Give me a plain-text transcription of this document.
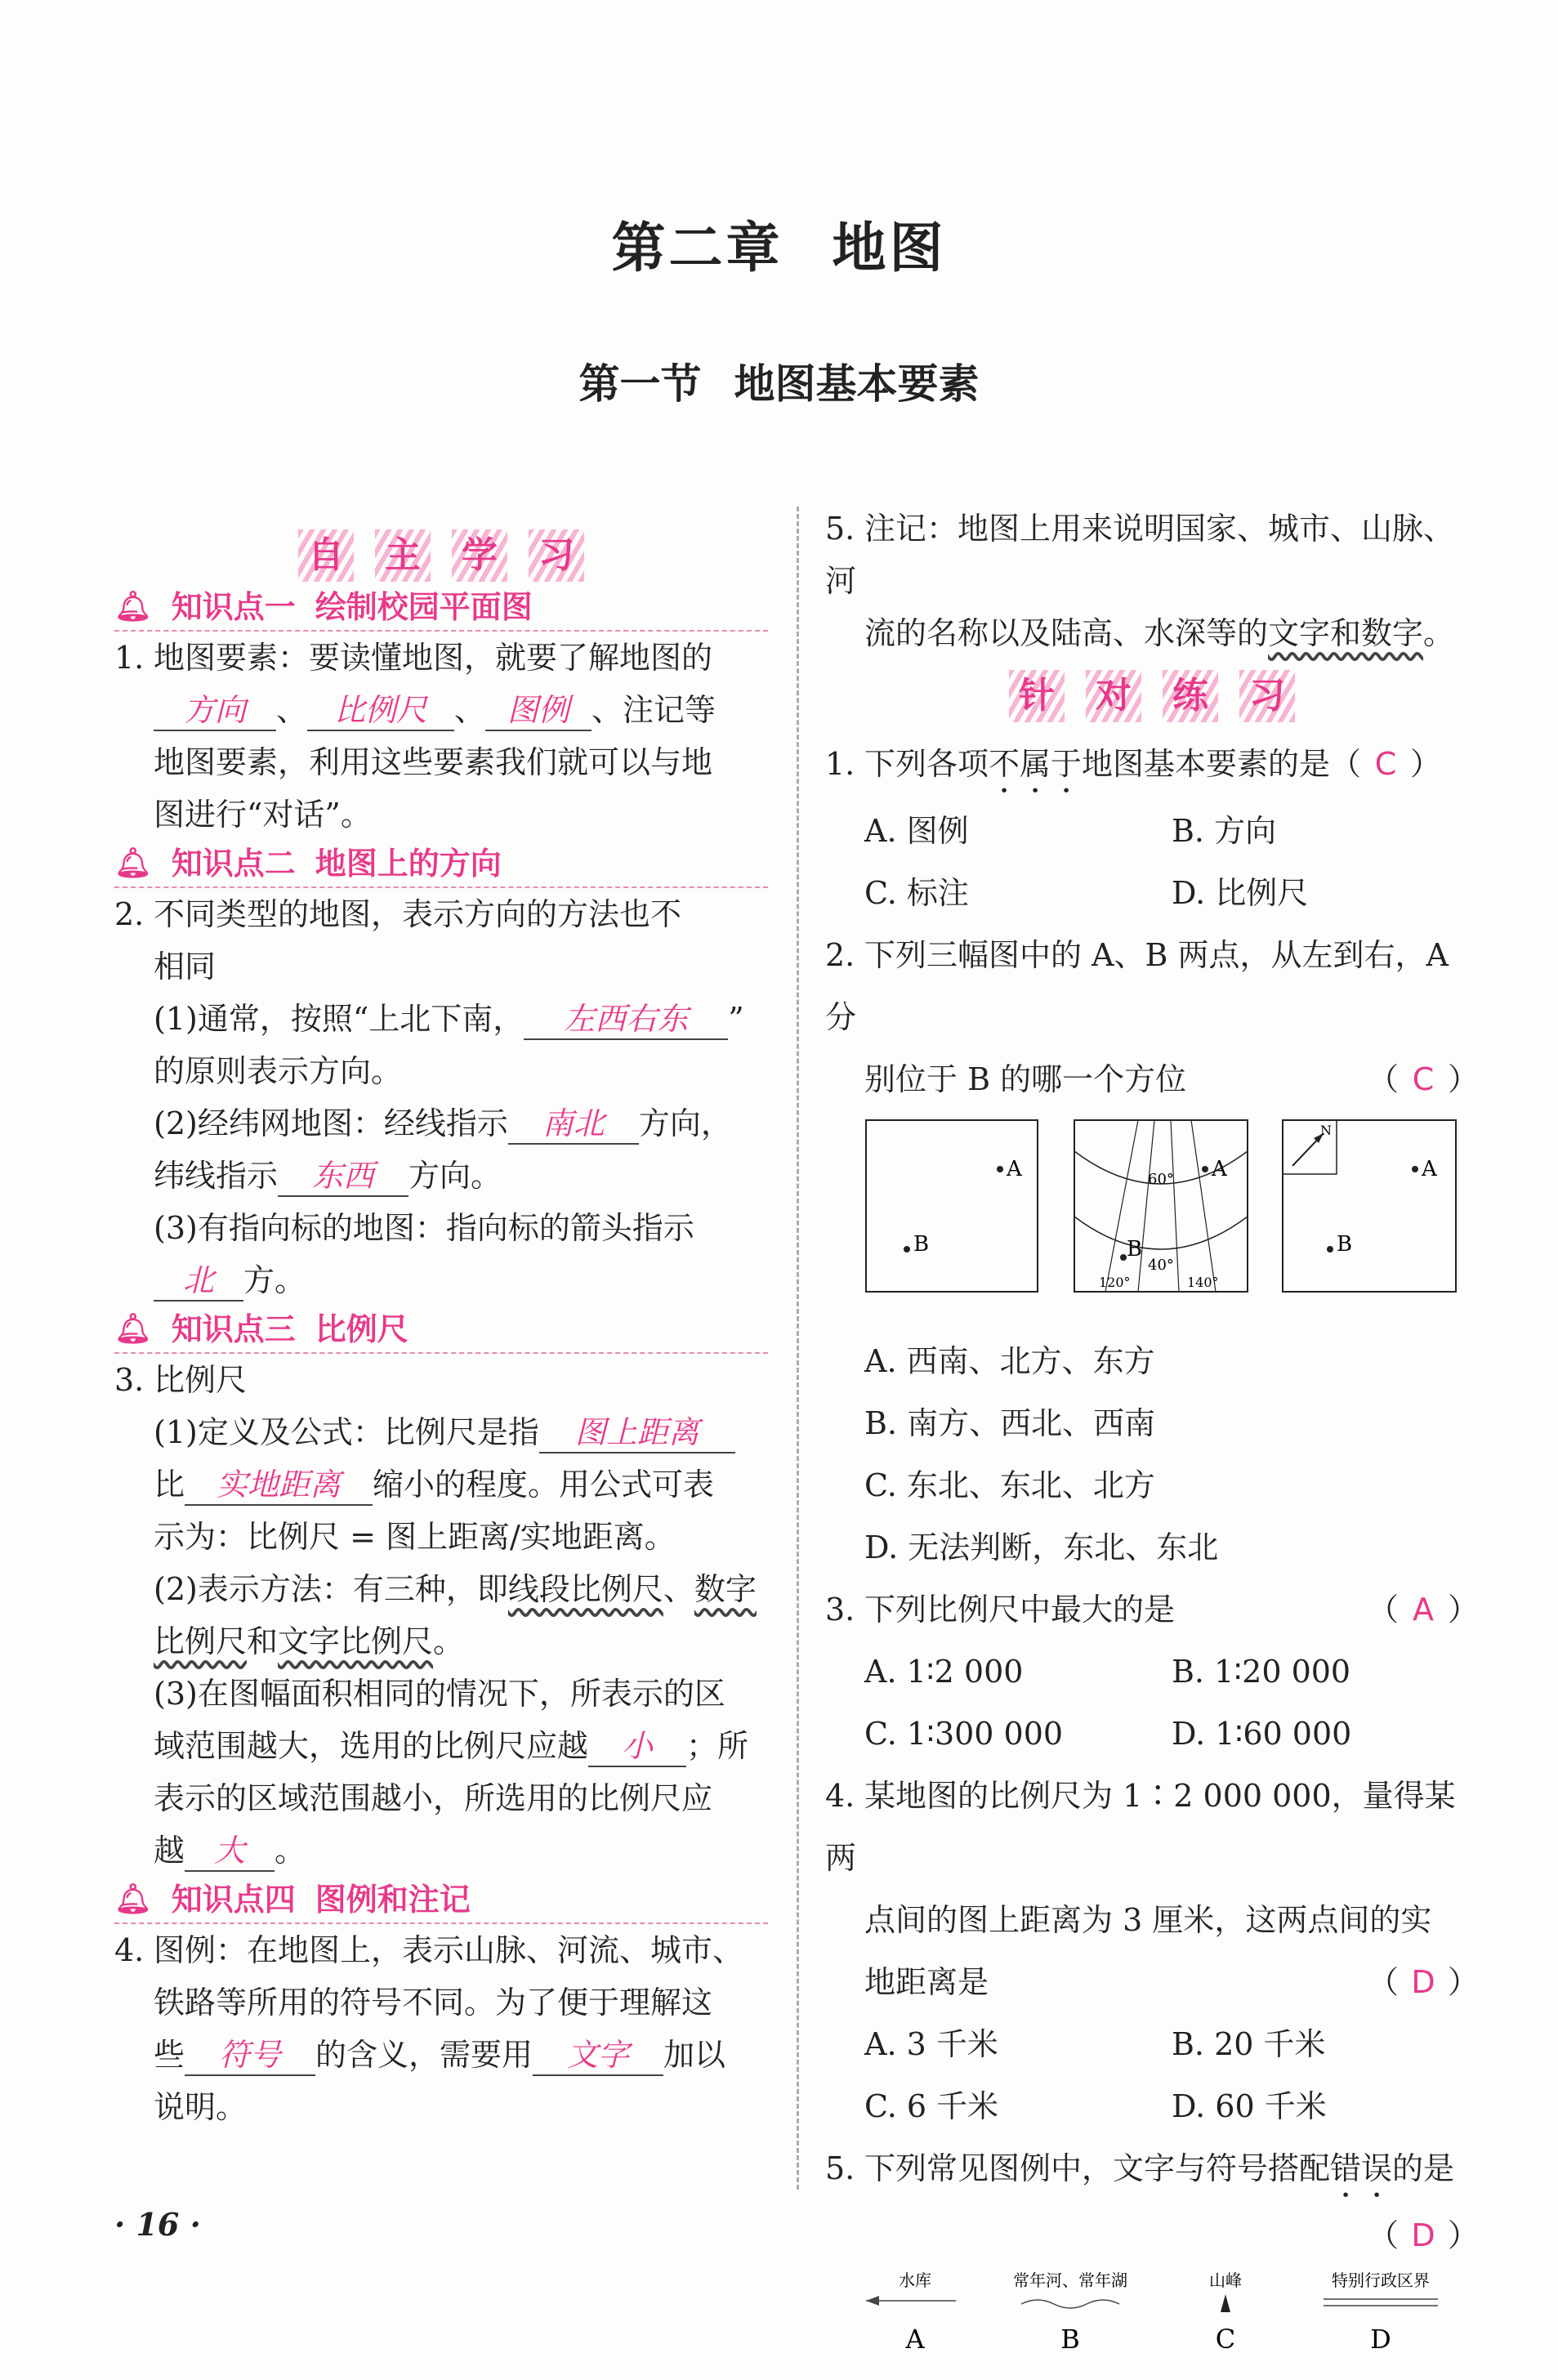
第二章 地图
第一节 地图基本要素
自 主 学 习
🔔︎ 知识点一 绘制校园平面图

1. 地图要素：要读懂地图，就要了解地图的

方向 、 比例尺 、 图例 、注记等

地图要素，利用这些要素我们就可以与地

图进行“对话”。

🔔︎ 知识点二 地图上的方向

2. 不同类型的地图，表示方向的方法也不

相同

(1)通常，按照“上北下南， 左西右东 ”

的原则表示方向。

(2)经纬网地图：经线指示 南北 方向，

纬线指示 东西 方向。

(3)有指向标的地图：指向标的箭头指示

北 方。

🔔︎ 知识点三 比例尺

3. 比例尺

(1)定义及公式：比例尺是指 图上距离

比 实地距离 缩小的程度。用公式可表

示为：比例尺 = 图上距离/实地距离。

(2)表示方法：有三种，即线段比例尺、数字

比例尺和文字比例尺。

(3)在图幅面积相同的情况下，所表示的区

域范围越大，选用的比例尺应越 小 ；所

表示的区域范围越小，所选用的比例尺应

越 大 。

🔔︎ 知识点四 图例和注记

4. 图例：在地图上，表示山脉、河流、城市、

铁路等所用的符号不同。为了便于理解这

些 符号 的含义，需要用 文字 加以

说明。

5. 注记：地图上用来说明国家、城市、山脉、河

流的名称以及陆高、水深等的文字和数字。

针 对 练 习

1. 下列各项不属于地图基本要素的是（ C ）

A. 图例	B. 方向
C. 标注	D. 比例尺

2. 下列三幅图中的 A、B 两点，从左到右，A 分

别位于 B 的哪一个方位	（ C ）

A
B
A
60°
B
40°
120°	140°
N
A
B

A. 西南、北方、东方

B. 南方、西北、西南

C. 东北、东北、北方

D. 无法判断，东北、东北

3. 下列比例尺中最大的是	（ A ）

A. 1∶2 000	B. 1∶20 000
C. 1∶300 000	D. 1∶60 000

4. 某地图的比例尺为 1∶2 000 000，量得某两

点间的图上距离为 3 厘米，这两点间的实

地距离是	（ D ）

A. 3 千米	B. 20 千米
C. 6 千米	D. 60 千米

5. 下列常见图例中，文字与符号搭配错误的是

（ D ）

水库
A
常年河、常年湖
B
山峰
C
特别行政区界
D
· 16 ·
